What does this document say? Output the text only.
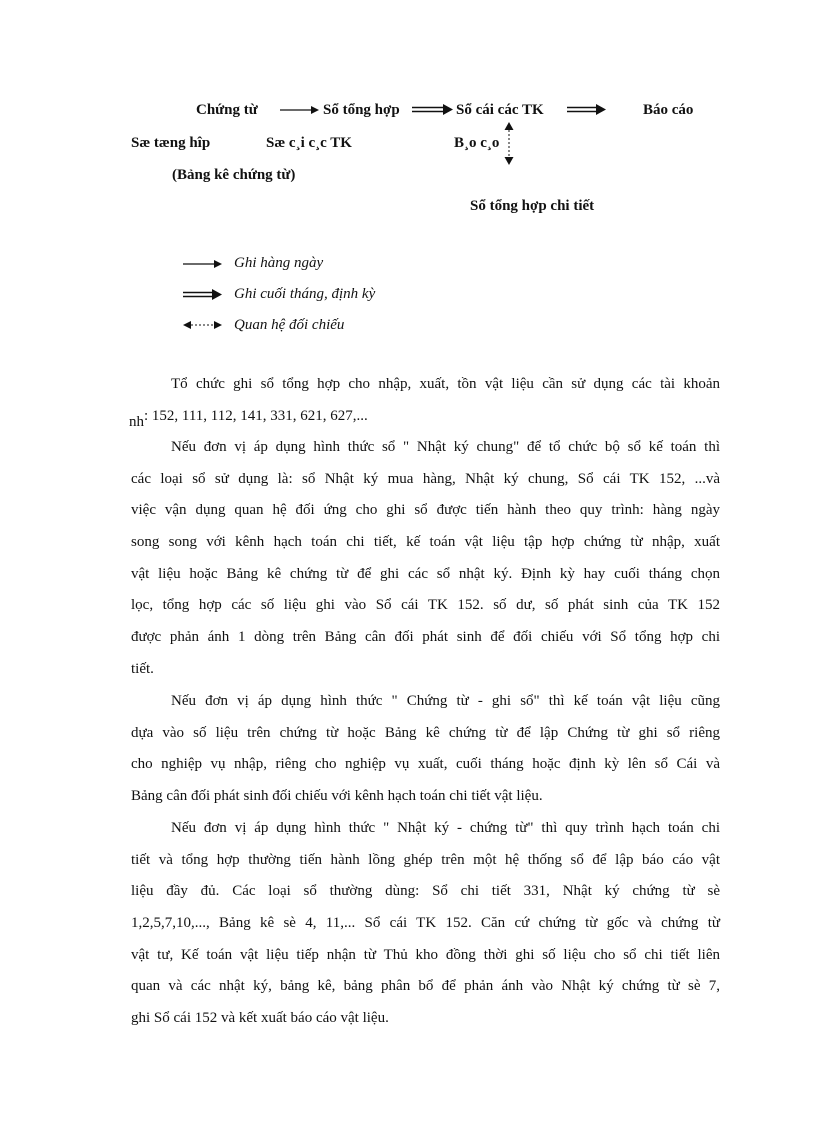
Chứng từ	Sổ tổng hợp	Sổ cái các TK	Báo cáo
Sæ tæng hîp	Sæ c¸i c¸c TK	B¸o c¸o
(Bảng kê chứng từ)
Sổ tổng hợp chi tiết
Ghi hàng ngày
Ghi cuối tháng, định kỳ
Quan hệ đối chiếu
Tổ chức ghi sổ tổng hợp cho nhập, xuất, tồn vật liệu cần sử dụng các tài khoản
nh: 152, 111, 112, 141, 331, 621, 627,...
Nếu đơn vị áp dụng hình thức sổ " Nhật ký chung" để tổ chức bộ sổ kế toán thì
các loại sổ sử dụng là: sổ Nhật ký mua hàng, Nhật ký chung, Sổ cái TK 152, ...và
việc vận dụng quan hệ đối ứng cho ghi sổ được tiến hành theo quy trình: hàng ngày
song song với kênh hạch toán chi tiết, kế toán vật liệu tập hợp chứng từ nhập, xuất
vật liệu hoặc Bảng kê chứng từ để ghi các sổ nhật ký. Định kỳ hay cuối tháng chọn
lọc, tổng hợp các số liệu ghi vào Sổ cái TK 152. số dư, số phát sinh của TK 152
được phản ánh 1 dòng trên Bảng cân đối phát sinh để đối chiếu với Sổ tổng hợp chi
tiết.
Nếu đơn vị áp dụng hình thức " Chứng từ - ghi sổ" thì kế toán vật liệu cũng
dựa vào số liệu trên chứng từ hoặc Bảng kê chứng từ để lập Chứng từ ghi sổ riêng
cho nghiệp vụ nhập, riêng cho nghiệp vụ xuất, cuối tháng hoặc định kỳ lên sổ Cái và
Bảng cân đối phát sinh đối chiếu với kênh hạch toán chi tiết vật liệu.
Nếu đơn vị áp dụng hình thức " Nhật ký - chứng từ" thì quy trình hạch toán chi
tiết và tổng hợp thường tiến hành lồng ghép trên một hệ thống sổ để lập báo cáo vật
liệu đầy đủ. Các loại sổ thường dùng: Sổ chi tiết 331, Nhật ký chứng từ sè
1,2,5,7,10,..., Bảng kê sè 4, 11,... Sổ cái TK 152. Căn cứ chứng từ gốc và chứng từ
vật tư, Kế toán vật liệu tiếp nhận từ Thủ kho đồng thời ghi số liệu cho sổ chi tiết liên
quan và các nhật ký, bảng kê, bảng phân bổ để phản ánh vào Nhật ký chứng từ sè 7,
ghi Sổ cái 152 và kết xuất báo cáo vật liệu.
